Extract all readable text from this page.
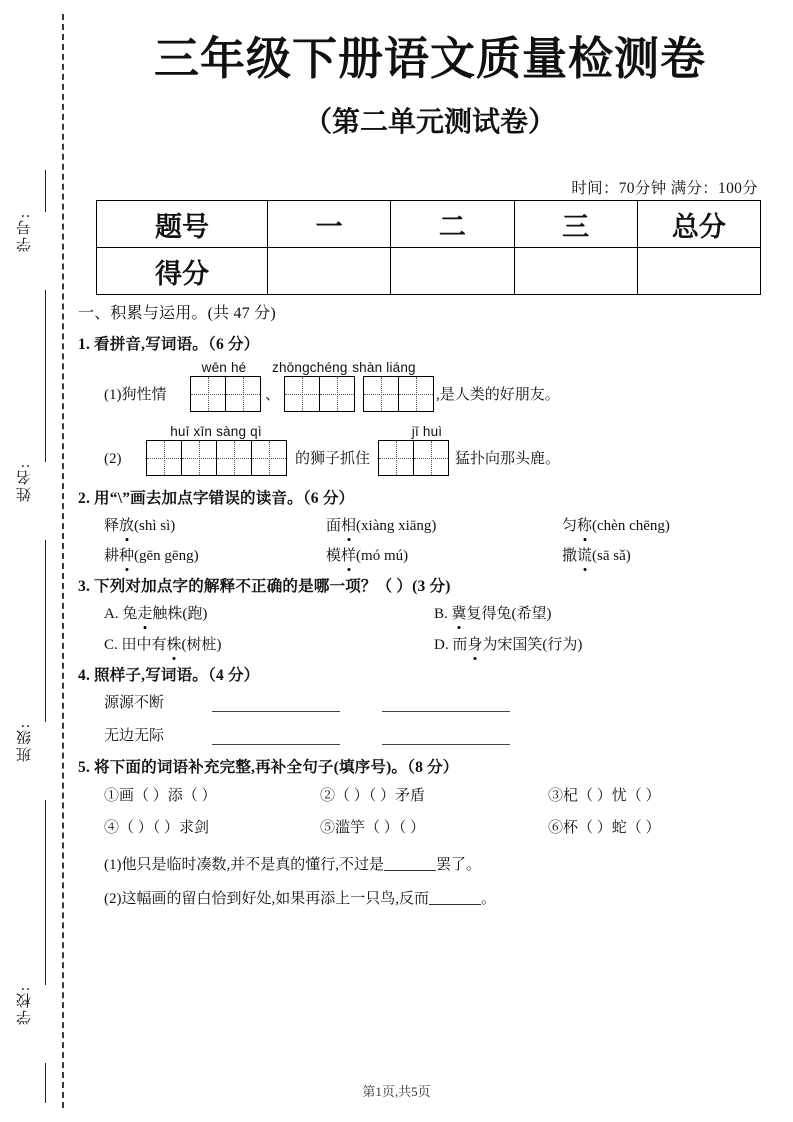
学号:
姓名:
班级:
学校:
三年级下册语文质量检测卷
（第二单元测试卷）
时间：70分钟 满分：100分
题号	一	二	三	总分
得分				
一、积累与运用。(共 47 分)
1. 看拼音,写词语。（6 分）
wēn hé	zhōngchéng shàn liáng
(1)狗性情	、	,是人类的好朋友。
huī xīn sàng qì	jī huì
(2)	的狮子抓住	猛扑向那头鹿。
2. 用“\”画去加点字错误的读音。（6 分）
释放(shì sì)	面相(xiàng xiāng)	匀称(chèn chēng)
耕种(gēn gēng)	模样(mó mú)	撒谎(sā sǎ)
3. 下列对加点字的解释不正确的是哪一项？（ ）(3 分)
A. 兔走触株(跑)	B. 冀复得兔(希望)
C. 田中有株(树桩)	D. 而身为宋国笑(行为)
4. 照样子,写词语。（4 分）
源源不断
无边无际
5. 将下面的词语补充完整,再补全句子(填序号)。（8 分）
①画（ ）添（ ）	②（ ）（ ）矛盾	③杞（ ）忧（ ）
④（ ）（ ）求剑	⑤滥竽（ ）（ ）	⑥杯（ ）蛇（ ）
(1)他只是临时凑数,并不是真的懂行,不过是	罢了。
(2)这幅画的留白恰到好处,如果再添上一只鸟,反而	。
第1页,共5页
